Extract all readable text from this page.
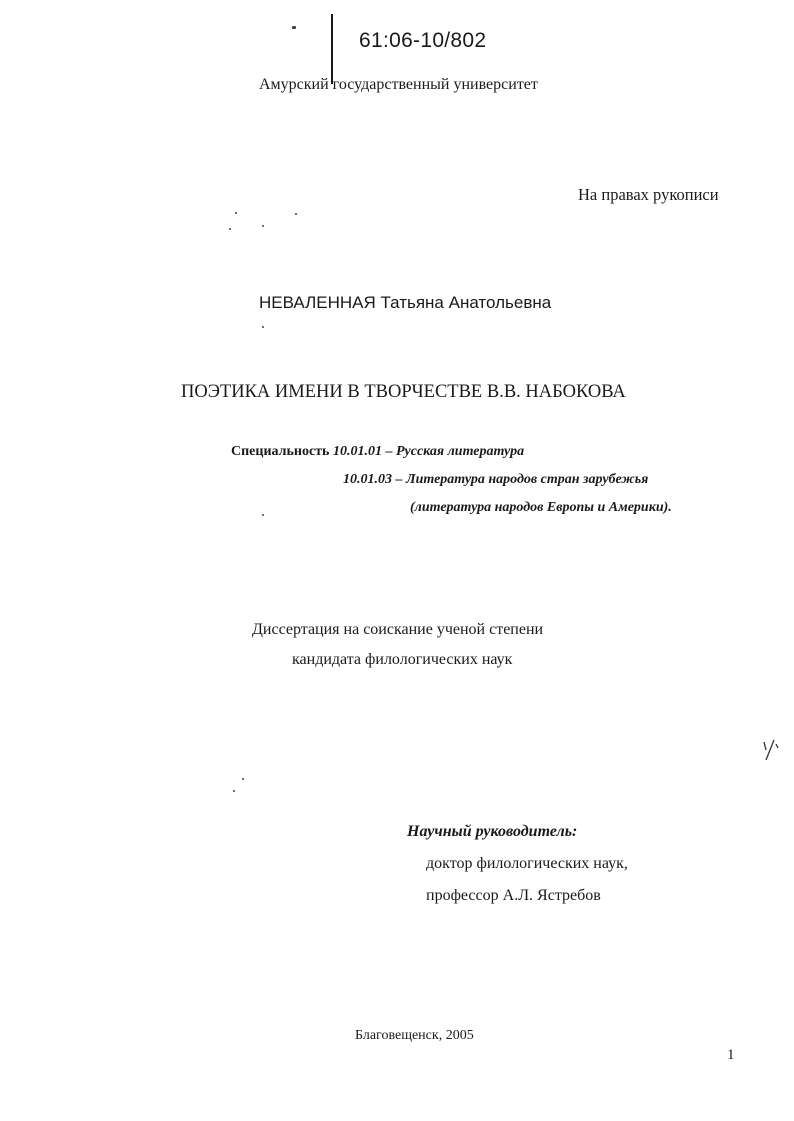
61:06-10/802
Амурский государственный университет
На правах рукописи
НЕВАЛЕННАЯ Татьяна Анатольевна
ПОЭТИКА ИМЕНИ В ТВОРЧЕСТВЕ В.В. НАБОКОВА
Специальность 10.01.01 – Русская литература
10.01.03 – Литература народов стран зарубежья
(литература народов Европы и Америки).
Диссертация на соискание ученой степени
кандидата филологических наук
Научный руководитель:
доктор филологических наук,
профессор А.Л. Ястребов
Благовещенск, 2005
1
